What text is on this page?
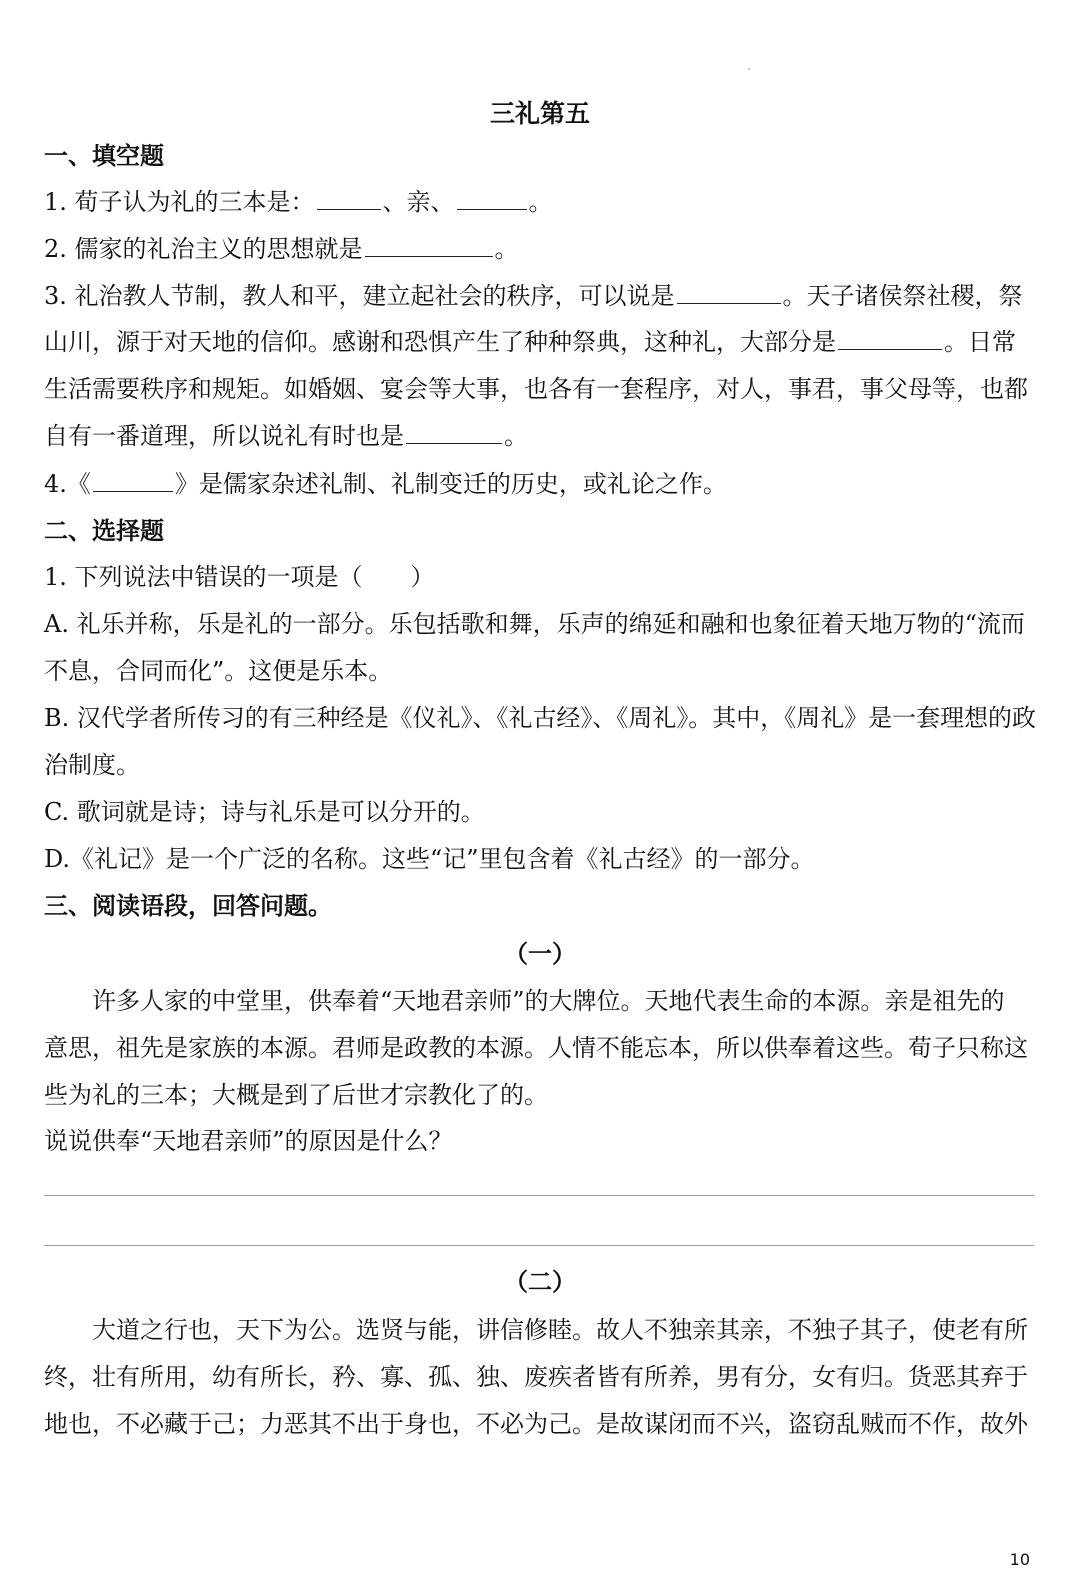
三礼第五
一、填空题
1. 荀子认为礼的三本是：	、亲、	。
2. 儒家的礼治主义的思想就是	。
3. 礼治教人节制，教人和平，建立起社会的秩序，可以说是	。天子诸侯祭社稷，祭
山川，源于对天地的信仰。感谢和恐惧产生了种种祭典，这种礼，大部分是	。日常
生活需要秩序和规矩。如婚姻、宴会等大事，也各有一套程序，对人，事君，事父母等，也都
自有一番道理，所以说礼有时也是	。
4.《	》是儒家杂述礼制、礼制变迁的历史，或礼论之作。
二、选择题
1. 下列说法中错误的一项是（　　）
A. 礼乐并称，乐是礼的一部分。乐包括歌和舞，乐声的绵延和融和也象征着天地万物的“流而
不息，合同而化”。这便是乐本。
B. 汉代学者所传习的有三种经是《仪礼》、《礼古经》、《周礼》。其中，《周礼》是一套理想的政
治制度。
C. 歌词就是诗；诗与礼乐是可以分开的。
D.《礼记》是一个广泛的名称。这些“记”里包含着《礼古经》的一部分。
三、阅读语段，回答问题。
（一）
许多人家的中堂里，供奉着“天地君亲师”的大牌位。天地代表生命的本源。亲是祖先的
意思，祖先是家族的本源。君师是政教的本源。人情不能忘本，所以供奉着这些。荀子只称这
些为礼的三本；大概是到了后世才宗教化了的。
说说供奉“天地君亲师”的原因是什么？
（二）
大道之行也，天下为公。选贤与能，讲信修睦。故人不独亲其亲，不独子其子，使老有所
终，壮有所用，幼有所长，矜、寡、孤、独、废疾者皆有所养，男有分，女有归。货恶其弃于
地也，不必藏于己；力恶其不出于身也，不必为己。是故谋闭而不兴，盗窃乱贼而不作，故外
10
